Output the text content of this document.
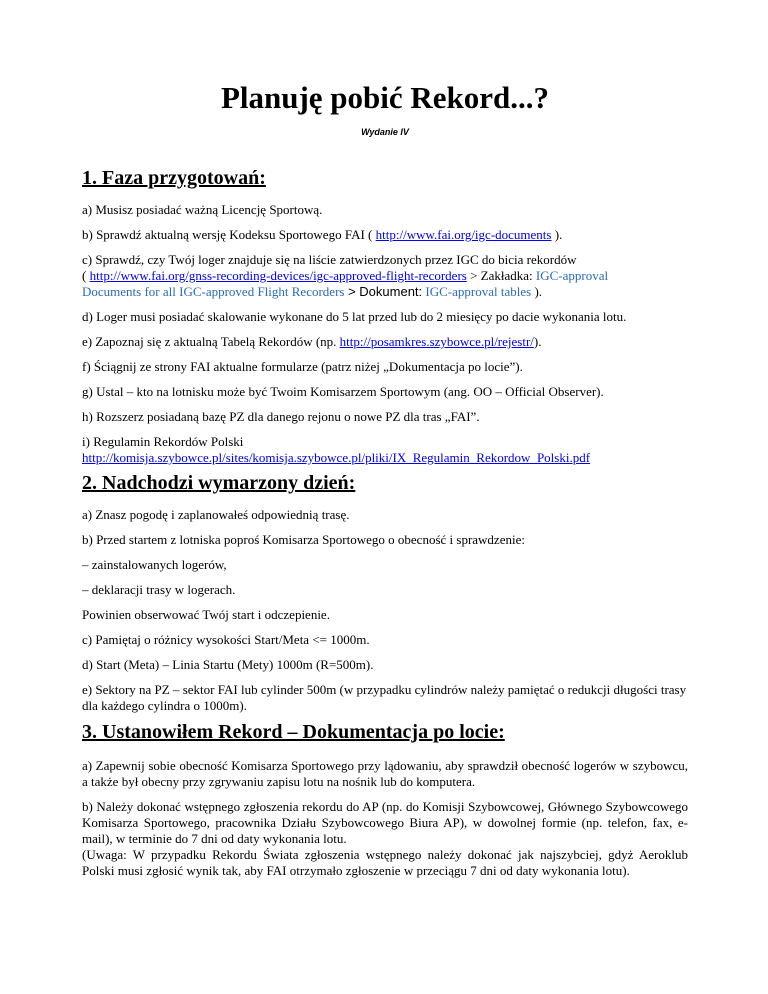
Planuję pobić Rekord...?
Wydanie IV
1. Faza przygotowań:

a) Musisz posiadać ważną Licencję Sportową.

b) Sprawdź aktualną wersję Kodeksu Sportowego FAI ( http://www.fai.org/igc-documents ).

c) Sprawdź, czy Twój loger znajduje się na liście zatwierdzonych przez IGC do bicia rekordów
( http://www.fai.org/gnss-recording-devices/igc-approved-flight-recorders > Zakładka: IGC-approval
Documents for all IGC-approved Flight Recorders > Dokument: IGC-approval tables ).

d) Loger musi posiadać skalowanie wykonane do 5 lat przed lub do 2 miesięcy po dacie wykonania lotu.

e) Zapoznaj się z aktualną Tabelą Rekordów (np. http://posamkres.szybowce.pl/rejestr/).

f) Ściągnij ze strony FAI aktualne formularze (patrz niżej „Dokumentacja po locie”).

g) Ustal – kto na lotnisku może być Twoim Komisarzem Sportowym (ang. OO – Official Observer).

h) Rozszerz posiadaną bazę PZ dla danego rejonu o nowe PZ dla tras „FAI”.

i) Regulamin Rekordów Polski
http://komisja.szybowce.pl/sites/komisja.szybowce.pl/pliki/IX_Regulamin_Rekordow_Polski.pdf

2. Nadchodzi wymarzony dzień:

a) Znasz pogodę i zaplanowałeś odpowiednią trasę.

b) Przed startem z lotniska poproś Komisarza Sportowego o obecność i sprawdzenie:

– zainstalowanych logerów,

– deklaracji trasy w logerach.

Powinien obserwować Twój start i odczepienie.

c) Pamiętaj o różnicy wysokości Start/Meta <= 1000m.

d) Start (Meta) – Linia Startu (Mety) 1000m (R=500m).

e) Sektory na PZ – sektor FAI lub cylinder 500m (w przypadku cylindrów należy pamiętać o redukcji długości trasy dla każdego cylindra o 1000m).

3. Ustanowiłem Rekord – Dokumentacja po locie:

a) Zapewnij sobie obecność Komisarza Sportowego przy lądowaniu, aby sprawdził obecność logerów w szybowcu, a także był obecny przy zgrywaniu zapisu lotu na nośnik lub do komputera.

b) Należy dokonać wstępnego zgłoszenia rekordu do AP (np. do Komisji Szybowcowej, Głównego Szybowcowego Komisarza Sportowego, pracownika Działu Szybowcowego Biura AP), w dowolnej formie (np. telefon, fax, e-mail), w terminie do 7 dni od daty wykonania lotu.

(Uwaga: W przypadku Rekordu Świata zgłoszenia wstępnego należy dokonać jak najszybciej, gdyż Aeroklub Polski musi zgłosić wynik tak, aby FAI otrzymało zgłoszenie w przeciągu 7 dni od daty wykonania lotu).
